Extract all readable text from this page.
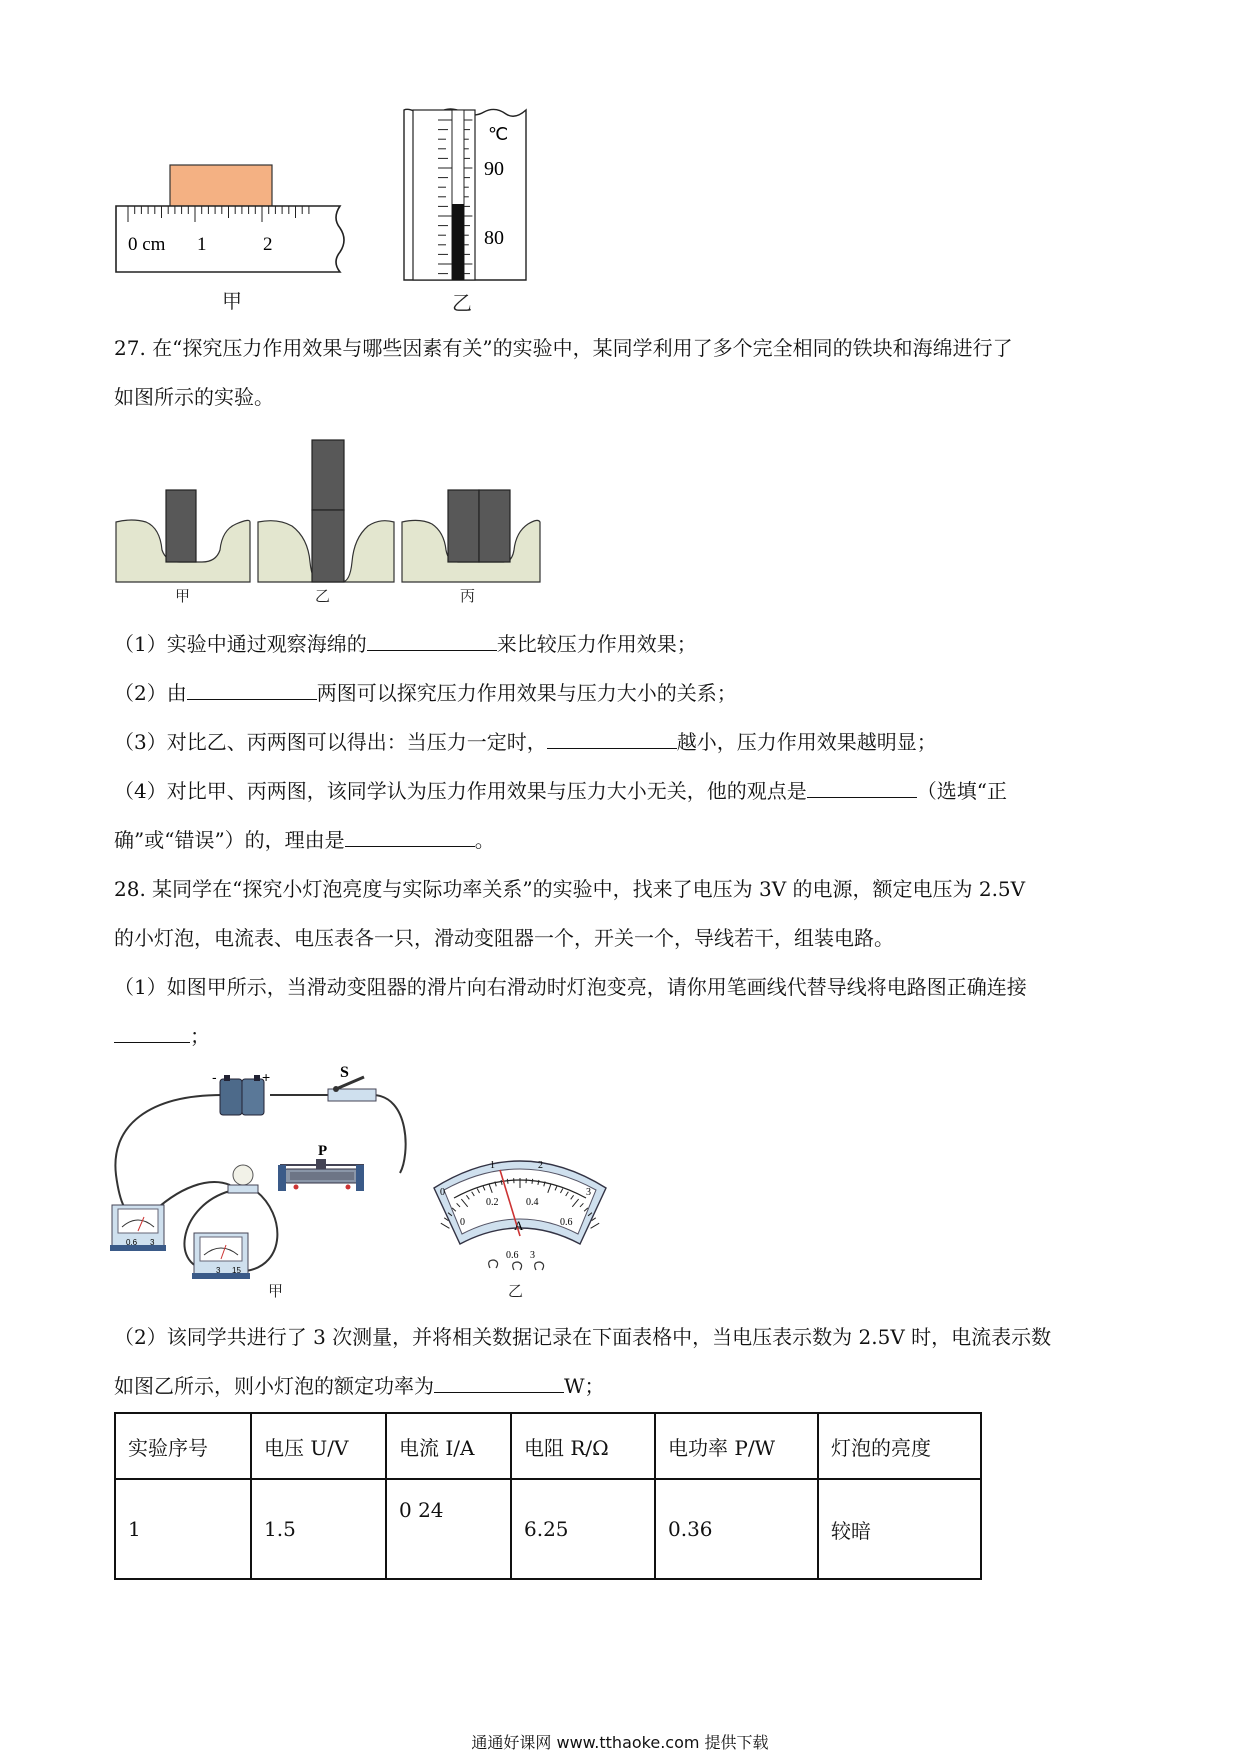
0 cm 1	2
℃
90
80
甲	乙
27. 在“探究压力作用效果与哪些因素有关”的实验中，某同学利用了多个完全相同的铁块和海绵进行了
如图所示的实验。
甲	乙	丙
（1）实验中通过观察海绵的	来比较压力作用效果；
（2）由	两图可以探究压力作用效果与压力大小的关系；
（3）对比乙、丙两图可以得出：当压力一定时，	越小，压力作用效果越明显；
（4）对比甲、丙两图，该同学认为压力作用效果与压力大小无关，他的观点是	（选填“正
确”或“错误”）的，理由是	。
28. 某同学在“探究小灯泡亮度与实际功率关系”的实验中，找来了电压为 3V 的电源，额定电压为 2.5V
的小灯泡，电流表、电压表各一只，滑动变阻器一个，开关一个，导线若干，组装电路。
（1）如图甲所示，当滑动变阻器的滑片向右滑动时灯泡变亮，请你用笔画线代替导线将电路图正确连接
；
-	+	S
P
0.6 3
3 15
甲
0
1	2
3
0
0.2	0.4
0.6
A
0.6 3
乙
（2）该同学共进行了 3 次测量，并将相关数据记录在下面表格中，当电压表示数为 2.5V 时，电流表示数
如图乙所示，则小灯泡的额定功率为	W；
实验序号	电压 U/V	电流 I/A	电阻 R/Ω	电功率 P/W	灯泡的亮度
1	1.5	0 24	6.25	0.36	较暗
通通好课网 www.tthaoke.com 提供下载
